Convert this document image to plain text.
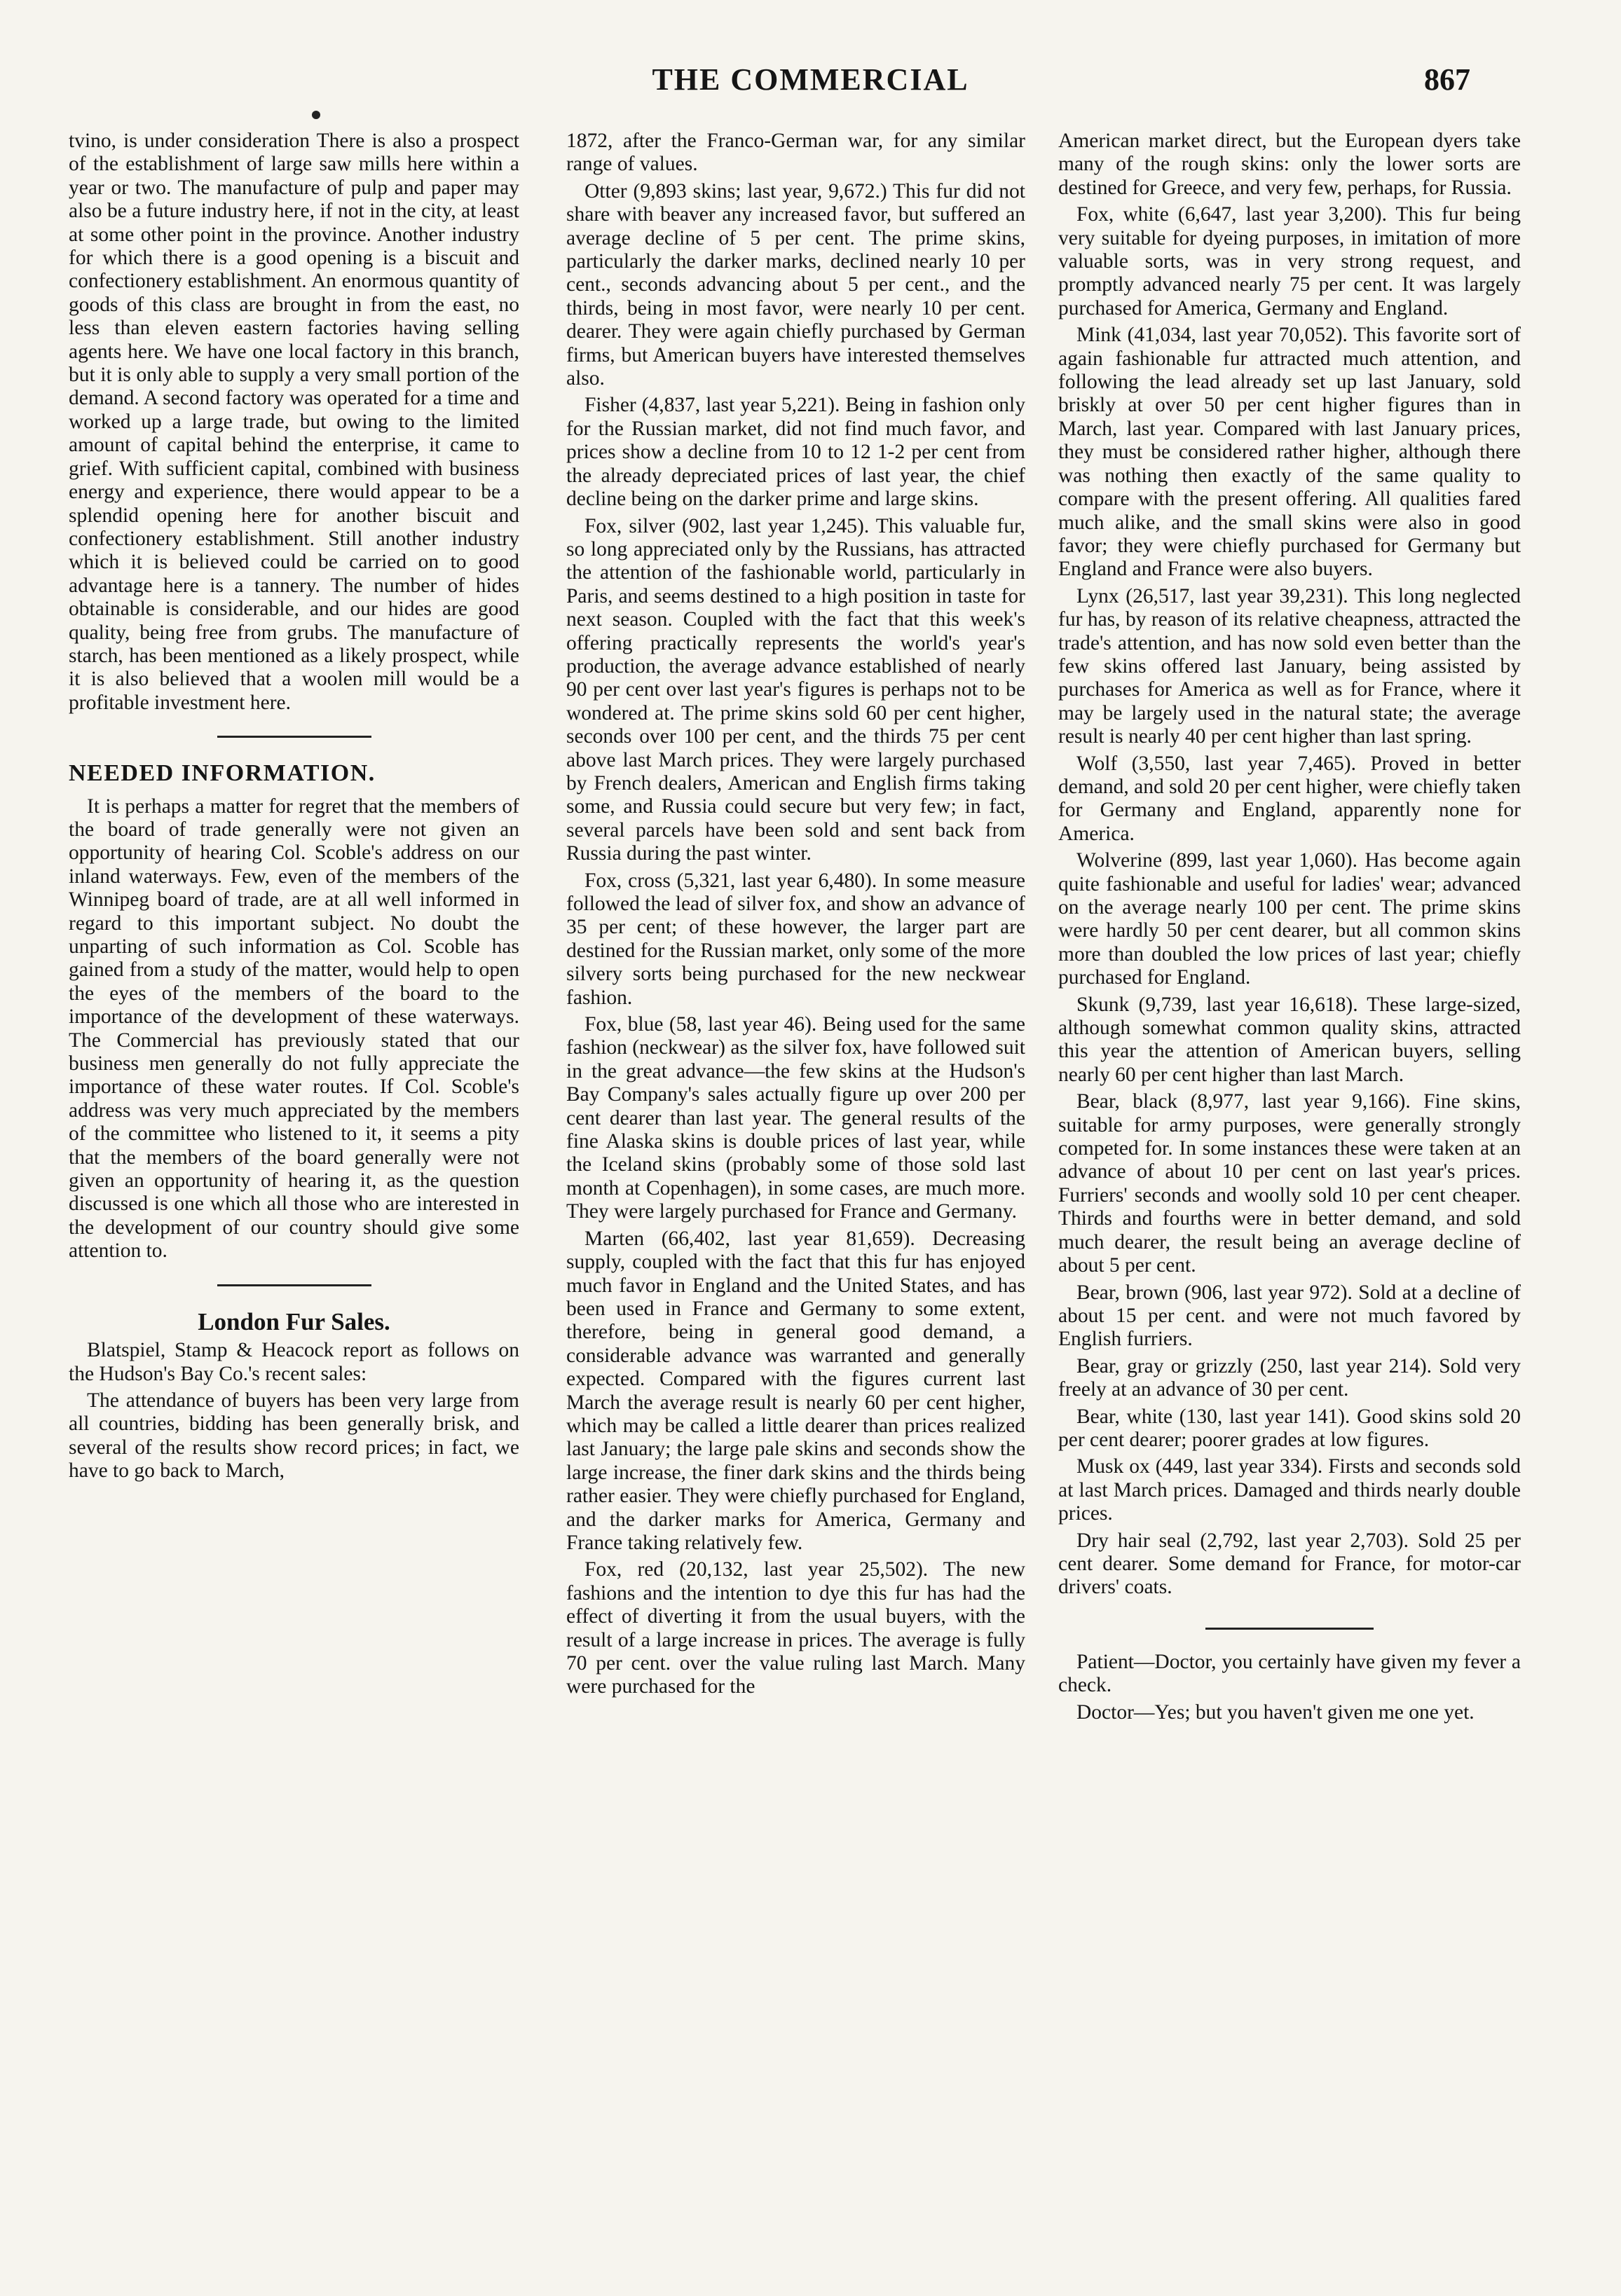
THE COMMERCIAL	867

tvino, is under consideration There is also a prospect of the establishment of large saw mills here within a year or two. The manufacture of pulp and paper may also be a future industry here, if not in the city, at least at some other point in the province. Another industry for which there is a good opening is a biscuit and confectionery establishment. An enormous quantity of goods of this class are brought in from the east, no less than eleven eastern factories having selling agents here. We have one local factory in this branch, but it is only able to supply a very small portion of the demand. A second factory was operated for a time and worked up a large trade, but owing to the limited amount of capital behind the enterprise, it came to grief. With sufficient capital, combined with business energy and experience, there would appear to be a splendid opening here for another biscuit and confectionery establishment. Still another industry which it is believed could be carried on to good advantage here is a tannery. The number of hides obtainable is considerable, and our hides are good quality, being free from grubs. The manufacture of starch, has been mentioned as a likely prospect, while it is also believed that a woolen mill would be a profitable investment here.

NEEDED INFORMATION.

It is perhaps a matter for regret that the members of the board of trade generally were not given an opportunity of hearing Col. Scoble's address on our inland waterways. Few, even of the members of the Winnipeg board of trade, are at all well informed in regard to this important subject. No doubt the unparting of such information as Col. Scoble has gained from a study of the matter, would help to open the eyes of the members of the board to the importance of the development of these waterways. The Commercial has previously stated that our business men generally do not fully appreciate the importance of these water routes. If Col. Scoble's address was very much appreciated by the members of the committee who listened to it, it seems a pity that the members of the board generally were not given an opportunity of hearing it, as the question discussed is one which all those who are interested in the development of our country should give some attention to.

London Fur Sales.

Blatspiel, Stamp & Heacock report as follows on the Hudson's Bay Co.'s recent sales:

The attendance of buyers has been very large from all countries, bidding has been generally brisk, and several of the results show record prices; in fact, we have to go back to March,

1872, after the Franco-German war, for any similar range of values.

Otter (9,893 skins; last year, 9,672.) This fur did not share with beaver any increased favor, but suffered an average decline of 5 per cent. The prime skins, particularly the darker marks, declined nearly 10 per cent., seconds advancing about 5 per cent., and the thirds, being in most favor, were nearly 10 per cent. dearer. They were again chiefly purchased by German firms, but American buyers have interested themselves also.

Fisher (4,837, last year 5,221). Being in fashion only for the Russian market, did not find much favor, and prices show a decline from 10 to 12 1-2 per cent from the already depreciated prices of last year, the chief decline being on the darker prime and large skins.

Fox, silver (902, last year 1,245). This valuable fur, so long appreciated only by the Russians, has attracted the attention of the fashionable world, particularly in Paris, and seems destined to a high position in taste for next season. Coupled with the fact that this week's offering practically represents the world's year's production, the average advance established of nearly 90 per cent over last year's figures is perhaps not to be wondered at. The prime skins sold 60 per cent higher, seconds over 100 per cent, and the thirds 75 per cent above last March prices. They were largely purchased by French dealers, American and English firms taking some, and Russia could secure but very few; in fact, several parcels have been sold and sent back from Russia during the past winter.

Fox, cross (5,321, last year 6,480). In some measure followed the lead of silver fox, and show an advance of 35 per cent; of these however, the larger part are destined for the Russian market, only some of the more silvery sorts being purchased for the new neckwear fashion.

Fox, blue (58, last year 46). Being used for the same fashion (neckwear) as the silver fox, have followed suit in the great advance—the few skins at the Hudson's Bay Company's sales actually figure up over 200 per cent dearer than last year. The general results of the fine Alaska skins is double prices of last year, while the Iceland skins (probably some of those sold last month at Copenhagen), in some cases, are much more. They were largely purchased for France and Germany.

Marten (66,402, last year 81,659). Decreasing supply, coupled with the fact that this fur has enjoyed much favor in England and the United States, and has been used in France and Germany to some extent, therefore, being in general good demand, a considerable advance was warranted and generally expected. Compared with the figures current last March the average result is nearly 60 per cent higher, which may be called a little dearer than prices realized last January; the large pale skins and seconds show the large increase, the finer dark skins and the thirds being rather easier. They were chiefly purchased for England, and the darker marks for America, Germany and France taking relatively few.

Fox, red (20,132, last year 25,502). The new fashions and the intention to dye this fur has had the effect of diverting it from the usual buyers, with the result of a large increase in prices. The average is fully 70 per cent. over the value ruling last March. Many were purchased for the

American market direct, but the European dyers take many of the rough skins: only the lower sorts are destined for Greece, and very few, perhaps, for Russia.

Fox, white (6,647, last year 3,200). This fur being very suitable for dyeing purposes, in imitation of more valuable sorts, was in very strong request, and promptly advanced nearly 75 per cent. It was largely purchased for America, Germany and England.

Mink (41,034, last year 70,052). This favorite sort of again fashionable fur attracted much attention, and following the lead already set up last January, sold briskly at over 50 per cent higher figures than in March, last year. Compared with last January prices, they must be considered rather higher, although there was nothing then exactly of the same quality to compare with the present offering. All qualities fared much alike, and the small skins were also in good favor; they were chiefly purchased for Germany but England and France were also buyers.

Lynx (26,517, last year 39,231). This long neglected fur has, by reason of its relative cheapness, attracted the trade's attention, and has now sold even better than the few skins offered last January, being assisted by purchases for America as well as for France, where it may be largely used in the natural state; the average result is nearly 40 per cent higher than last spring.

Wolf (3,550, last year 7,465). Proved in better demand, and sold 20 per cent higher, were chiefly taken for Germany and England, apparently none for America.

Wolverine (899, last year 1,060). Has become again quite fashionable and useful for ladies' wear; advanced on the average nearly 100 per cent. The prime skins were hardly 50 per cent dearer, but all common skins more than doubled the low prices of last year; chiefly purchased for England.

Skunk (9,739, last year 16,618). These large-sized, although somewhat common quality skins, attracted this year the attention of American buyers, selling nearly 60 per cent higher than last March.

Bear, black (8,977, last year 9,166). Fine skins, suitable for army purposes, were generally strongly competed for. In some instances these were taken at an advance of about 10 per cent on last year's prices. Furriers' seconds and woolly sold 10 per cent cheaper. Thirds and fourths were in better demand, and sold much dearer, the result being an average decline of about 5 per cent.

Bear, brown (906, last year 972). Sold at a decline of about 15 per cent. and were not much favored by English furriers.

Bear, gray or grizzly (250, last year 214). Sold very freely at an advance of 30 per cent.

Bear, white (130, last year 141). Good skins sold 20 per cent dearer; poorer grades at low figures.

Musk ox (449, last year 334). Firsts and seconds sold at last March prices. Damaged and thirds nearly double prices.

Dry hair seal (2,792, last year 2,703). Sold 25 per cent dearer. Some demand for France, for motor-car drivers' coats.

Patient—Doctor, you certainly have given my fever a check.

Doctor—Yes; but you haven't given me one yet.
